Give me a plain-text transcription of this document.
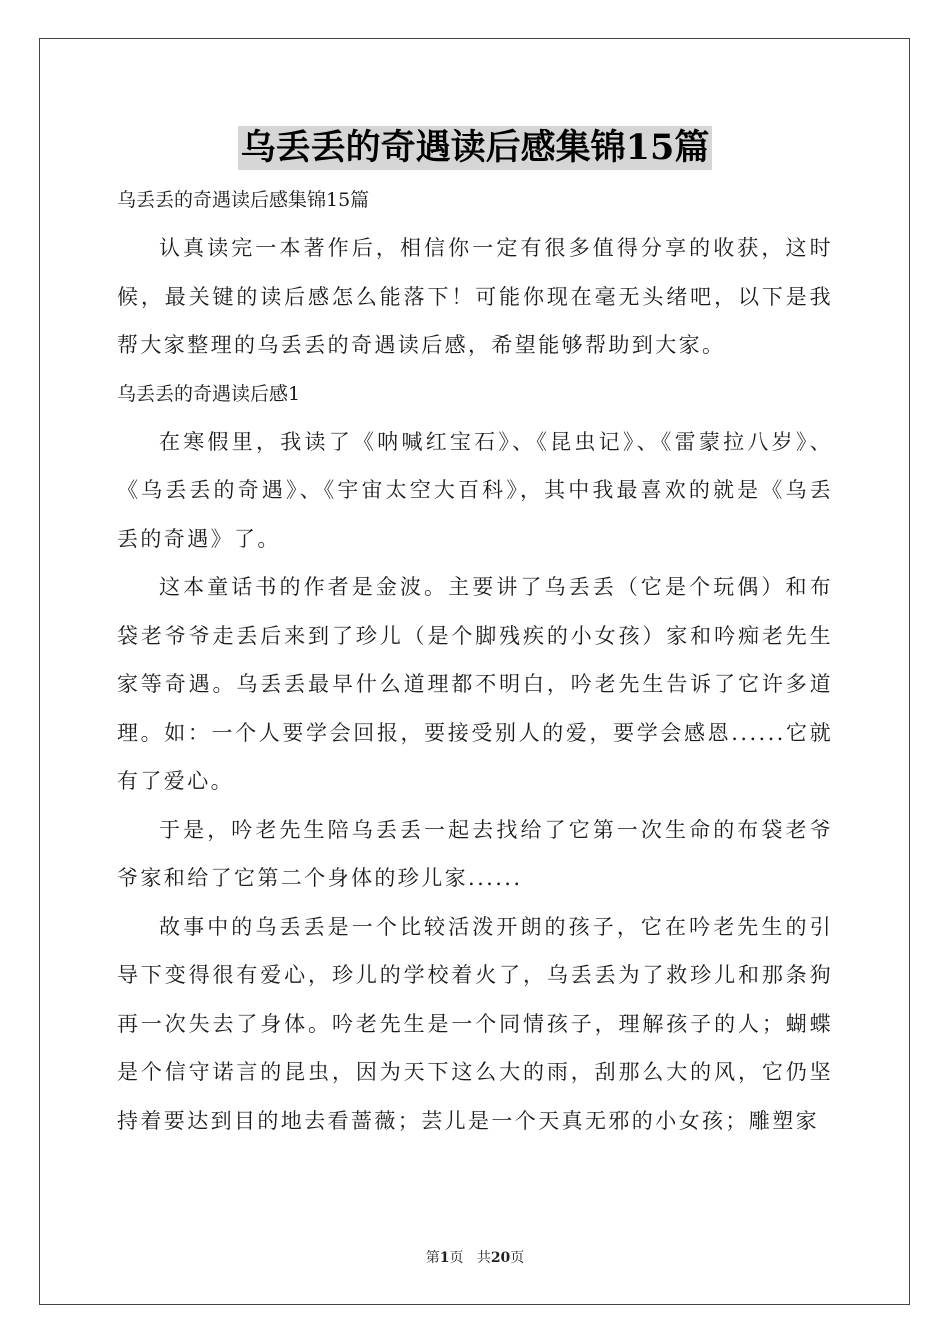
乌丢丢的奇遇读后感集锦15篇

乌丢丢的奇遇读后感集锦15篇

认真读完一本著作后，相信你一定有很多值得分享的收获，这时候，最关键的读后感怎么能落下！可能你现在毫无头绪吧，以下是我帮大家整理的乌丢丢的奇遇读后感，希望能够帮助到大家。

乌丢丢的奇遇读后感1

在寒假里，我读了《呐喊红宝石》、《昆虫记》、《雷蒙拉八岁》、《乌丢丢的奇遇》、《宇宙太空大百科》，其中我最喜欢的就是《乌丢丢的奇遇》了。

这本童话书的作者是金波。主要讲了乌丢丢（它是个玩偶）和布袋老爷爷走丢后来到了珍儿（是个脚残疾的小女孩）家和吟痴老先生家等奇遇。乌丢丢最早什么道理都不明白，吟老先生告诉了它许多道理。如：一个人要学会回报，要接受别人的爱，要学会感恩......它就有了爱心。

于是，吟老先生陪乌丢丢一起去找给了它第一次生命的布袋老爷爷家和给了它第二个身体的珍儿家......

故事中的乌丢丢是一个比较活泼开朗的孩子，它在吟老先生的引导下变得很有爱心，珍儿的学校着火了，乌丢丢为了救珍儿和那条狗再一次失去了身体。吟老先生是一个同情孩子，理解孩子的人；蝴蝶是个信守诺言的昆虫，因为天下这么大的雨，刮那么大的风，它仍坚持着要达到目的地去看蔷薇；芸儿是一个天真无邪的小女孩；雕塑家

第1页 共20页
